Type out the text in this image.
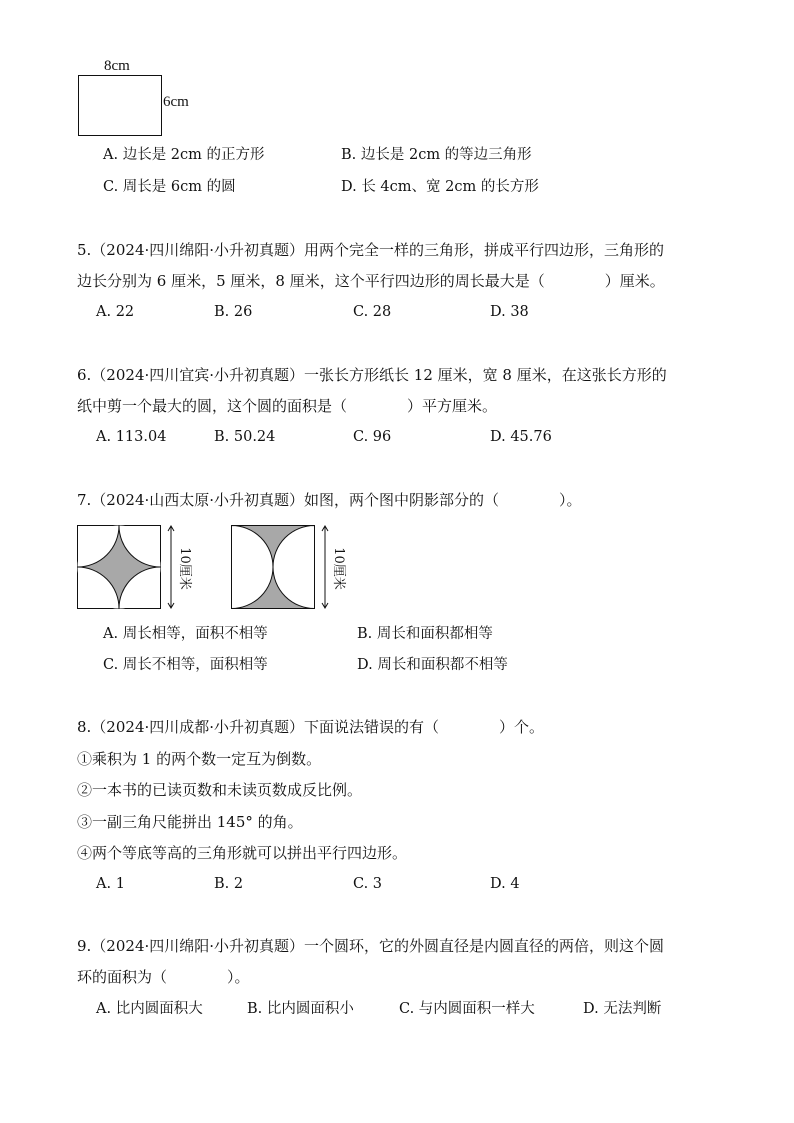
8cm
6cm
A. 边长是 2cm 的正方形	B. 边长是 2cm 的等边三角形
C. 周长是 6cm 的圆	D. 长 4cm、宽 2cm 的长方形
5.（2024·四川绵阳·小升初真题）用两个完全一样的三角形，拼成平行四边形，三角形的
边长分别为 6 厘米，5 厘米，8 厘米，这个平行四边形的周长最大是（　　　　）厘米。
A. 22	B. 26	C. 28	D. 38
6.（2024·四川宜宾·小升初真题）一张长方形纸长 12 厘米，宽 8 厘米，在这张长方形的
纸中剪一个最大的圆，这个圆的面积是（　　　　）平方厘米。
A. 113.04	B. 50.24	C. 96	D. 45.76
7.（2024·山西太原·小升初真题）如图，两个图中阴影部分的（　　　　）。
10厘米	10厘米
A. 周长相等，面积不相等	B. 周长和面积都相等
C. 周长不相等，面积相等	D. 周长和面积都不相等
8.（2024·四川成都·小升初真题）下面说法错误的有（　　　　）个。
①乘积为 1 的两个数一定互为倒数。
②一本书的已读页数和未读页数成反比例。
③一副三角尺能拼出 145° 的角。
④两个等底等高的三角形就可以拼出平行四边形。
A. 1	B. 2	C. 3	D. 4
9.（2024·四川绵阳·小升初真题）一个圆环，它的外圆直径是内圆直径的两倍，则这个圆
环的面积为（　　　　）。
A. 比内圆面积大	B. 比内圆面积小	C. 与内圆面积一样大	D. 无法判断
